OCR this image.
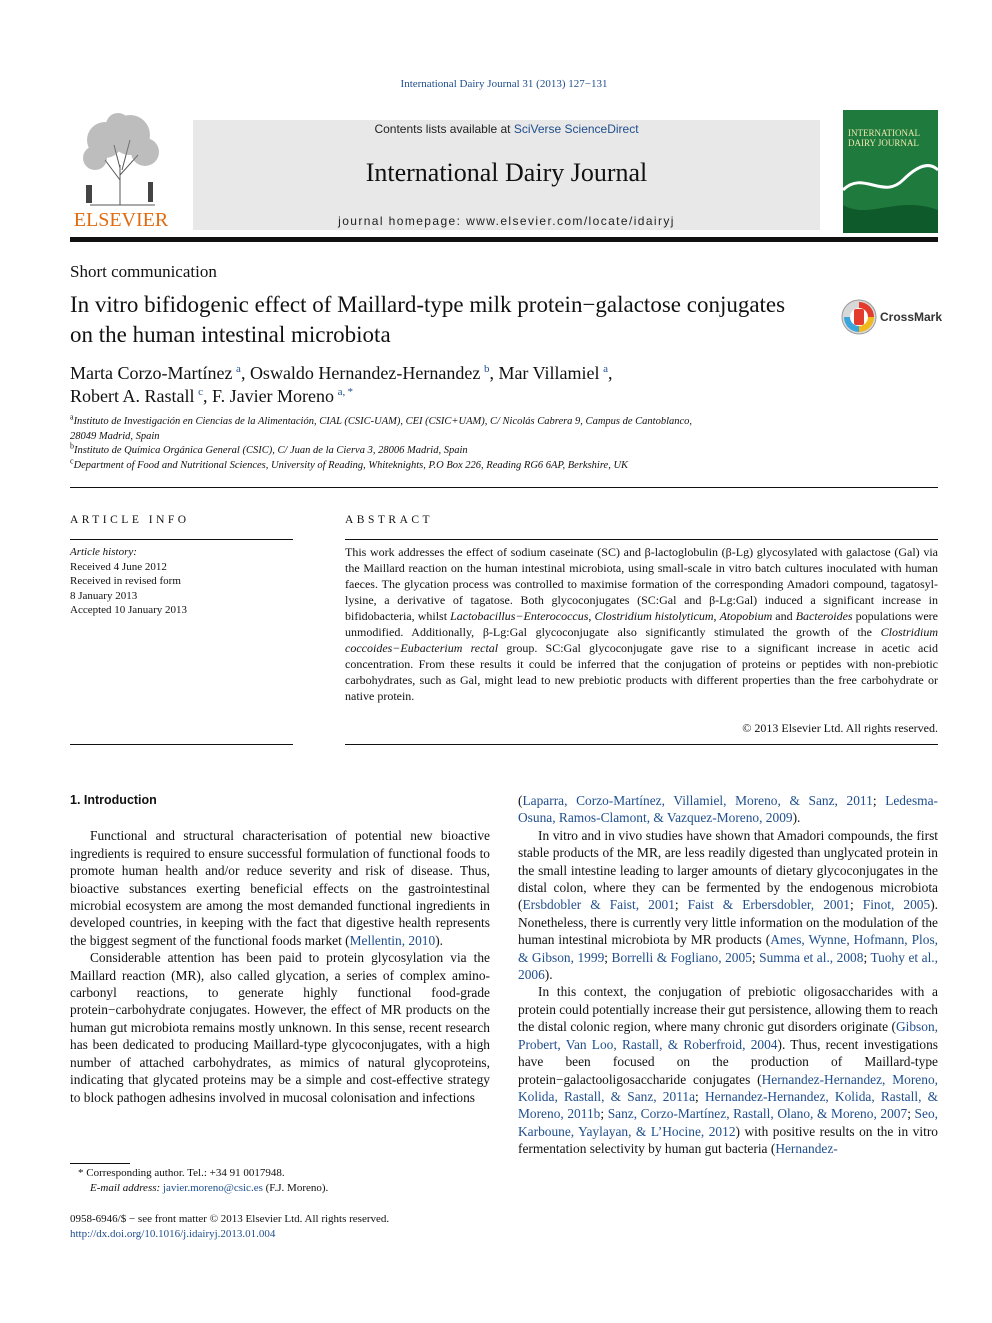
International Dairy Journal 31 (2013) 127−131
ELSEVIER
Contents lists available at SciVerse ScienceDirect
International Dairy Journal
journal homepage: www.elsevier.com/locate/idairyj
INTERNATIONAL DAIRY JOURNAL
Short communication
In vitro bifidogenic effect of Maillard-type milk protein−galactose conjugates on the human intestinal microbiota
CrossMark
Marta Corzo-Martínez  $^a$, Oswaldo Hernandez-Hernandez  $^b$, Mar Villamiel  $^a$,
Robert A. Rastall  $^c$, F. Javier Moreno  $^{a, *}$
$^a$Instituto de Investigación en Ciencias de la Alimentación, CIAL (CSIC-UAM), CEI (CSIC+UAM), C/ Nicolás Cabrera 9, Campus de Cantoblanco,
28049 Madrid, Spain
$^b$Instituto de Química Orgánica General (CSIC), C/ Juan de la Cierva 3, 28006 Madrid, Spain
$^c$Department of Food and Nutritional Sciences, University of Reading, Whiteknights, P.O Box 226, Reading RG6 6AP, Berkshire, UK
ARTICLE INFO
Article history:
Received 4 June 2012
Received in revised form
8 January 2013
Accepted 10 January 2013
ABSTRACT
This work addresses the effect of sodium caseinate (SC) and β-lactoglobulin (β-Lg) glycosylated with galactose (Gal) via the Maillard reaction on the human intestinal microbiota, using small-scale in vitro batch cultures inoculated with human faeces. The glycation process was controlled to maximise formation of the corresponding Amadori compound, tagatosyl-lysine, a derivative of tagatose. Both glycoconjugates (SC:Gal and β-Lg:Gal) induced a significant increase in bifidobacteria, whilst Lactobacillus−Enterococcus, Clostridium histolyticum, Atopobium and Bacteroides populations were unmodified. Additionally, β-Lg:Gal glycoconjugate also significantly stimulated the growth of the Clostridium coccoides−Eubacterium rectal group. SC:Gal glycoconjugate gave rise to a significant increase in acetic acid concentration. From these results it could be inferred that the conjugation of proteins or peptides with non-prebiotic carbohydrates, such as Gal, might lead to new prebiotic products with different properties than the free carbohydrate or native protein.
© 2013 Elsevier Ltd. All rights reserved.
1. Introduction

Functional and structural characterisation of potential new bioactive ingredients is required to ensure successful formulation of functional foods to promote human health and/or reduce severity and risk of disease. Thus, bioactive substances exerting beneficial effects on the gastrointestinal microbial ecosystem are among the most demanded functional ingredients in developed countries, in keeping with the fact that digestive health represents the biggest segment of the functional foods market (Mellentin, 2010).

Considerable attention has been paid to protein glycosylation via the Maillard reaction (MR), also called glycation, a series of complex amino-carbonyl reactions, to generate highly functional food-grade protein−carbohydrate conjugates. However, the effect of MR products on the human gut microbiota remains mostly unknown. In this sense, recent research has been dedicated to producing Maillard-type glycoconjugates, with a high number of attached carbohydrates, as mimics of natural glycoproteins, indicating that glycated proteins may be a simple and cost-effective strategy to block pathogen adhesins involved in mucosal colonisation and infections

(Laparra, Corzo-Martínez, Villamiel, Moreno, & Sanz, 2011; Ledesma-Osuna, Ramos-Clamont, & Vazquez-Moreno, 2009).

In vitro and in vivo studies have shown that Amadori compounds, the first stable products of the MR, are less readily digested than unglycated protein in the small intestine leading to larger amounts of dietary glycoconjugates in the distal colon, where they can be fermented by the endogenous microbiota (Ersbdobler & Faist, 2001; Faist & Erbersdobler, 2001; Finot, 2005). Nonetheless, there is currently very little information on the modulation of the human intestinal microbiota by MR products (Ames, Wynne, Hofmann, Plos, & Gibson, 1999; Borrelli & Fogliano, 2005; Summa et al., 2008; Tuohy et al., 2006).

In this context, the conjugation of prebiotic oligosaccharides with a protein could potentially increase their gut persistence, allowing them to reach the distal colonic region, where many chronic gut disorders originate (Gibson, Probert, Van Loo, Rastall, & Roberfroid, 2004). Thus, recent investigations have been focused on the production of Maillard-type protein−galactooligosaccharide conjugates (Hernandez-Hernandez, Moreno, Kolida, Rastall, & Sanz, 2011a; Hernandez-Hernandez, Kolida, Rastall, & Moreno, 2011b; Sanz, Corzo-Martínez, Rastall, Olano, & Moreno, 2007; Seo, Karboune, Yaylayan, & L’Hocine, 2012) with positive results on the in vitro fermentation selectivity by human gut bacteria (Hernandez-

* Corresponding author. Tel.: +34 91 0017948.
E-mail address: javier.moreno@csic.es (F.J. Moreno).
0958-6946/$ − see front matter © 2013 Elsevier Ltd. All rights reserved.
http://dx.doi.org/10.1016/j.idairyj.2013.01.004
